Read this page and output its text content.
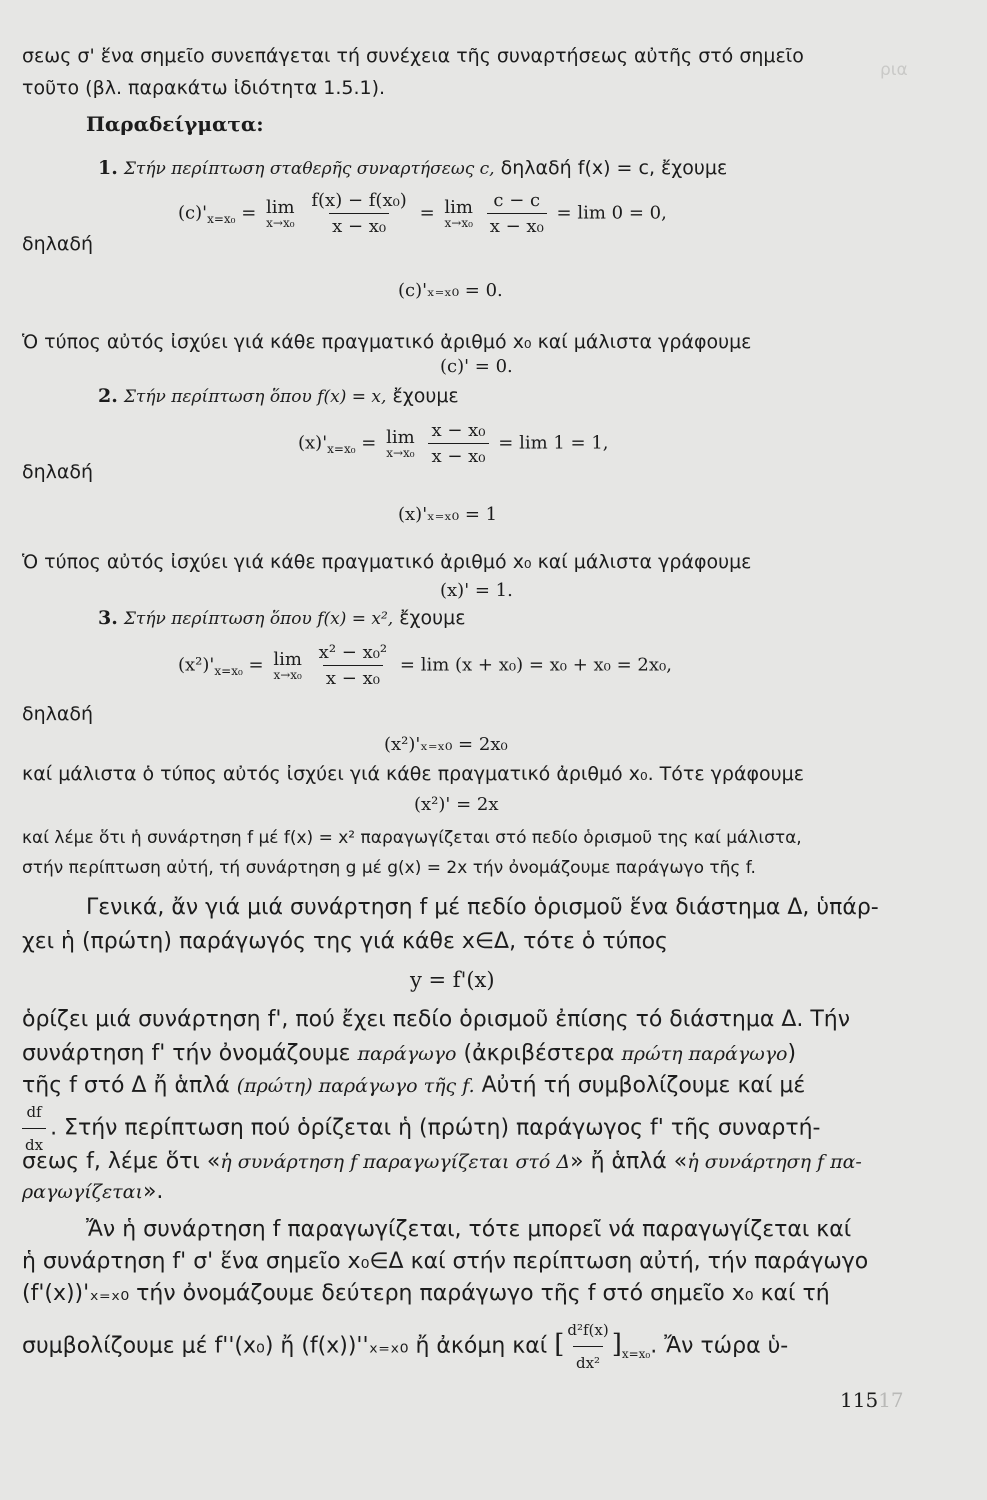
ρια
σεως σ' ἕνα σημεῖο συνεπάγεται τή συνέχεια τῆς συναρτήσεως αὐτῆς στό σημεῖο
τοῦτο (βλ. παρακάτω ἰδιότητα 1.5.1).
Παραδείγματα:
1. Στήν περίπτωση σταθερῆς συναρτήσεως c, δηλαδή f(x) = c, ἔχουμε
$(c)'_{x=x_0} = \lim$
x→x₀
$\frac{\text{f(x) − f(x₀)}}{\text{x − x₀}} = \lim$
x→x₀
$\frac{c - c}{\text{x − x₀}} = \lim 0 = 0$,
δηλαδή
(c)'ₓ₌ₓ₀ = 0.
Ὁ τύπος αὐτός ἰσχύει γιά κάθε πραγματικό ἀριθμό x₀ καί μάλιστα γράφουμε
(c)' = 0.
2. Στήν περίπτωση ὅπου f(x) = x, ἔχουμε
$(x)'_{x=x_0} = \lim$
x→x₀
$\frac{\text{x − x₀}}{\text{x − x₀}} = \lim 1 = 1$,
δηλαδή
(x)'ₓ₌ₓ₀ = 1
Ὁ τύπος αὐτός ἰσχύει γιά κάθε πραγματικό ἀριθμό x₀ καί μάλιστα γράφουμε
(x)' = 1.
3. Στήν περίπτωση ὅπου f(x) = x², ἔχουμε
$(x^2)'_{x=x_0} = \lim$
x→x₀
$\frac{\text{x² − x₀²}}{\text{x − x₀}} = \lim (x + x_0) = x_0 + x_0 = 2x_0$,
δηλαδή
(x²)'ₓ₌ₓ₀ = 2x₀
καί μάλιστα ὁ τύπος αὐτός ἰσχύει γιά κάθε πραγματικό ἀριθμό x₀. Τότε γράφουμε
(x²)' = 2x
καί λέμε ὅτι ἡ συνάρτηση f μέ f(x) = x² παραγωγίζεται στό πεδίο ὁρισμοῦ της καί μάλιστα,
στήν περίπτωση αὐτή, τή συνάρτηση g μέ g(x) = 2x τήν ὀνομάζουμε παράγωγο τῆς f.
Γενικά, ἄν γιά μιά συνάρτηση f μέ πεδίο ὁρισμοῦ ἕνα διάστημα Δ, ὑπάρ-
χει ἡ (πρώτη) παράγωγός της γιά κάθε x∈Δ, τότε ὁ τύπος
y = f'(x)
ὁρίζει μιά συνάρτηση f', πού ἔχει πεδίο ὁρισμοῦ ἐπίσης τό διάστημα Δ. Τήν
συνάρτηση f' τήν ὀνομάζουμε παράγωγο (ἀκριβέστερα πρώτη παράγωγο)
τῆς f στό Δ ἤ ἁπλά (πρώτη) παράγωγο τῆς f. Αὐτή τή συμβολίζουμε καί μέ
$\frac{df}{dx}$ . Στήν περίπτωση πού ὁρίζεται ἡ (πρώτη) παράγωγος f' τῆς συναρτή-
σεως f, λέμε ὅτι «ἡ συνάρτηση f παραγωγίζεται στό Δ» ἤ ἁπλά «ἡ συνάρτηση f πα-
ραγωγίζεται».
Ἄν ἡ συνάρτηση f παραγωγίζεται, τότε μπορεῖ νά παραγωγίζεται καί
ἡ συνάρτηση f' σ' ἕνα σημεῖο x₀∈Δ καί στήν περίπτωση αὐτή, τήν παράγωγο
(f'(x))'ₓ₌ₓ₀ τήν ὀνομάζουμε δεύτερη παράγωγο τῆς f στό σημεῖο x₀ καί τή
συμβολίζουμε μέ f''(x₀) ἤ (f(x))''ₓ₌ₓ₀ ἤ ἀκόμη καί [ $\frac{\text{d²f(x)}}{\text{dx²}} ]_{x=x_0}$. Ἄν τώρα ὑ-
11517
